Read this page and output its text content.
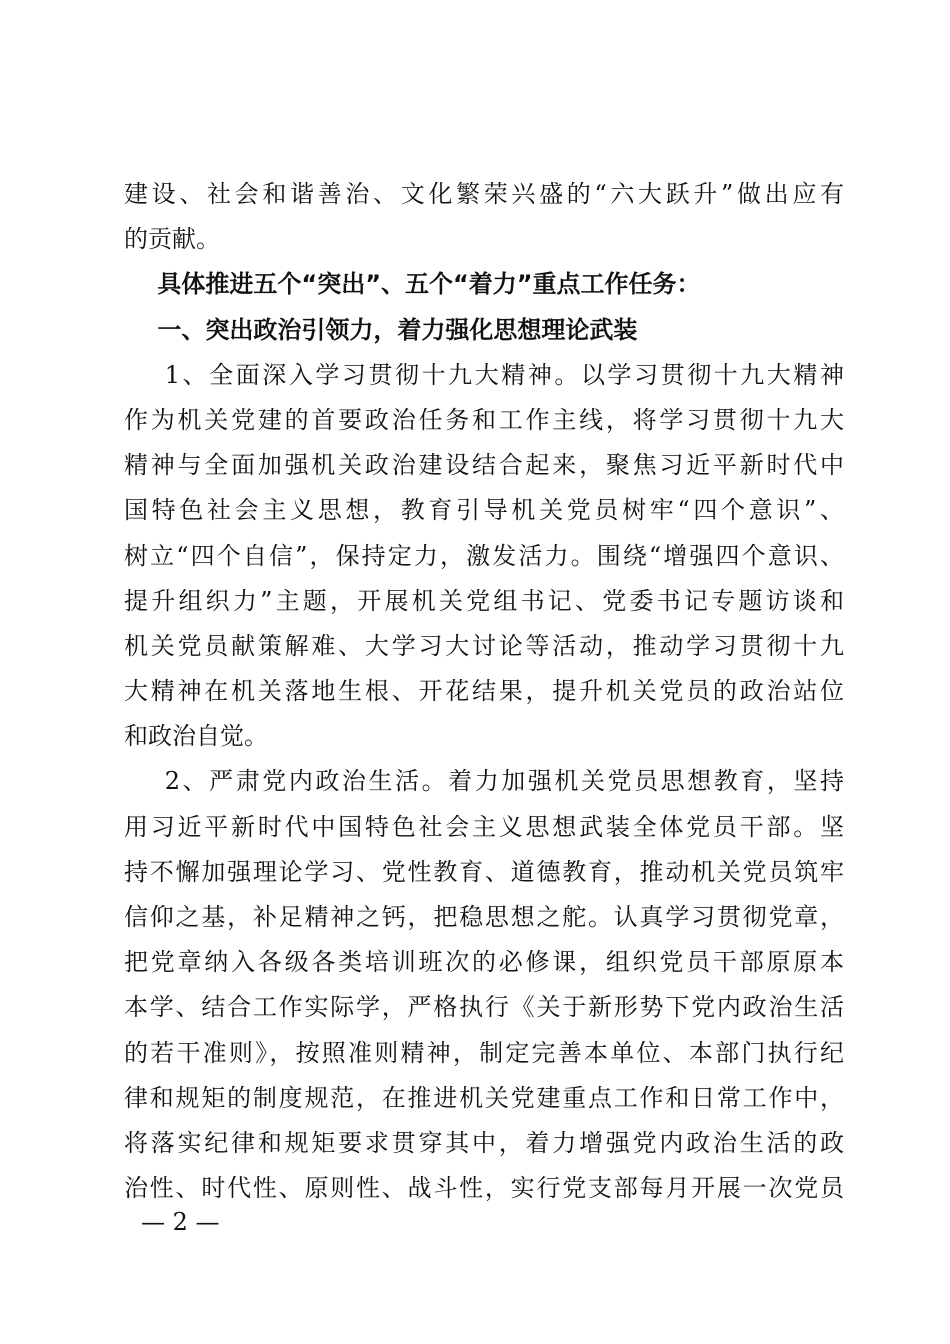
建设、社会和谐善治、文化繁荣兴盛的“六大跃升”做出应有
的贡献。
具体推进五个“突出”、五个“着力”重点工作任务：
一、突出政治引领力，着力强化思想理论武装
1、全面深入学习贯彻十九大精神。以学习贯彻十九大精神
作为机关党建的首要政治任务和工作主线，将学习贯彻十九大
精神与全面加强机关政治建设结合起来，聚焦习近平新时代中
国特色社会主义思想，教育引导机关党员树牢“四个意识”、
树立“四个自信”，保持定力，激发活力。围绕“增强四个意识、
提升组织力”主题，开展机关党组书记、党委书记专题访谈和
机关党员献策解难、大学习大讨论等活动，推动学习贯彻十九
大精神在机关落地生根、开花结果，提升机关党员的政治站位
和政治自觉。
2、严肃党内政治生活。着力加强机关党员思想教育，坚持
用习近平新时代中国特色社会主义思想武装全体党员干部。坚
持不懈加强理论学习、党性教育、道德教育，推动机关党员筑牢
信仰之基，补足精神之钙，把稳思想之舵。认真学习贯彻党章，
把党章纳入各级各类培训班次的必修课，组织党员干部原原本
本学、结合工作实际学，严格执行《关于新形势下党内政治生活
的若干准则》，按照准则精神，制定完善本单位、本部门执行纪
律和规矩的制度规范，在推进机关党建重点工作和日常工作中，
将落实纪律和规矩要求贯穿其中，着力增强党内政治生活的政
治性、时代性、原则性、战斗性，实行党支部每月开展一次党员
— 2 —
